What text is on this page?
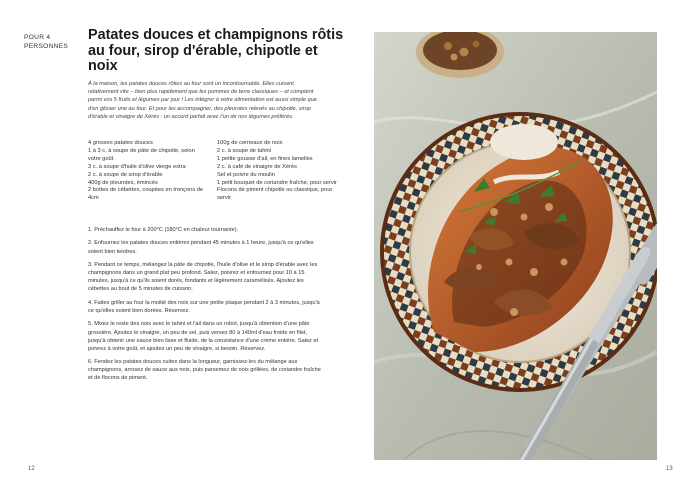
POUR 4 PERSONNES
Patates douces et champignons rôtis au four, sirop d'érable, chipotle et noix

À la maison, les patates douces rôties au four sont un incontournable. Elles cuisent relativement vite – bien plus rapidement que les pommes de terre classiques – et comptent parmi vos 5 fruits et légumes par jour ! Les intégrer à votre alimentation est aussi simple que d'en glisser une au four. Et pour les accompagner, des pleurotes relevés au chipotle, sirop d'érable et vinaigre de Xérès : un accord parfait avec l'un de nos légumes préférés.

4 grosses patates douces
1 à 3 c. à soupe de pâte de chipotle, selon votre goût
3 c. à soupe d'huile d'olive vierge extra
2 c. à soupe de sirop d'érable
400g de pleurotes, émincés
2 bottes de cébettes, coupées en tronçons de 4cm
100g de cerneaux de noix
2 c. à soupe de tahini
1 petite gousse d'ail, en fines lamelles
2 c. à café de vinaigre de Xérès
Sel et poivre du moulin
1 petit bouquet de coriandre fraîche, pour servir
Flocons de piment chipotle ou classique, pour servir
1. Préchauffez le four à 200°C (180°C en chaleur tournante).
2. Enfournez les patates douces entières pendant 45 minutes à 1 heure, jusqu'à ce qu'elles soient bien tendres.
3. Pendant ce temps, mélangez la pâte de chipotle, l'huile d'olive et le sirop d'érable avec les champignons dans un grand plat peu profond. Salez, poivrez et enfournez pour 10 à 15 minutes, jusqu'à ce qu'ils soient dorés, fondants et légèrement caramélisés. Ajoutez les cébettes au bout de 5 minutes de cuisson.
4. Faites griller au four la moitié des noix sur une petite plaque pendant 2 à 3 minutes, jusqu'à ce qu'elles soient bien dorées. Réservez.
5. Mixez le reste des noix avec le tahini et l'ail dans un robot, jusqu'à obtention d'une pâte grossière. Ajoutez le vinaigre, un peu de sel, puis versez 80 à 140ml d'eau froide en filet, jusqu'à obtenir une sauce bien lisse et fluide, de la consistance d'une crème entière. Salez et poivrez à votre goût, et ajoutez un peu de vinaigre, si besoin. Réservez.
6. Fendez les patates douces cuites dans la longueur, garnissez-les du mélange aux champignons, arrosez de sauce aux noix, puis parsemez de noix grillées, de coriandre fraîche et de flocons de piment.
12	13
